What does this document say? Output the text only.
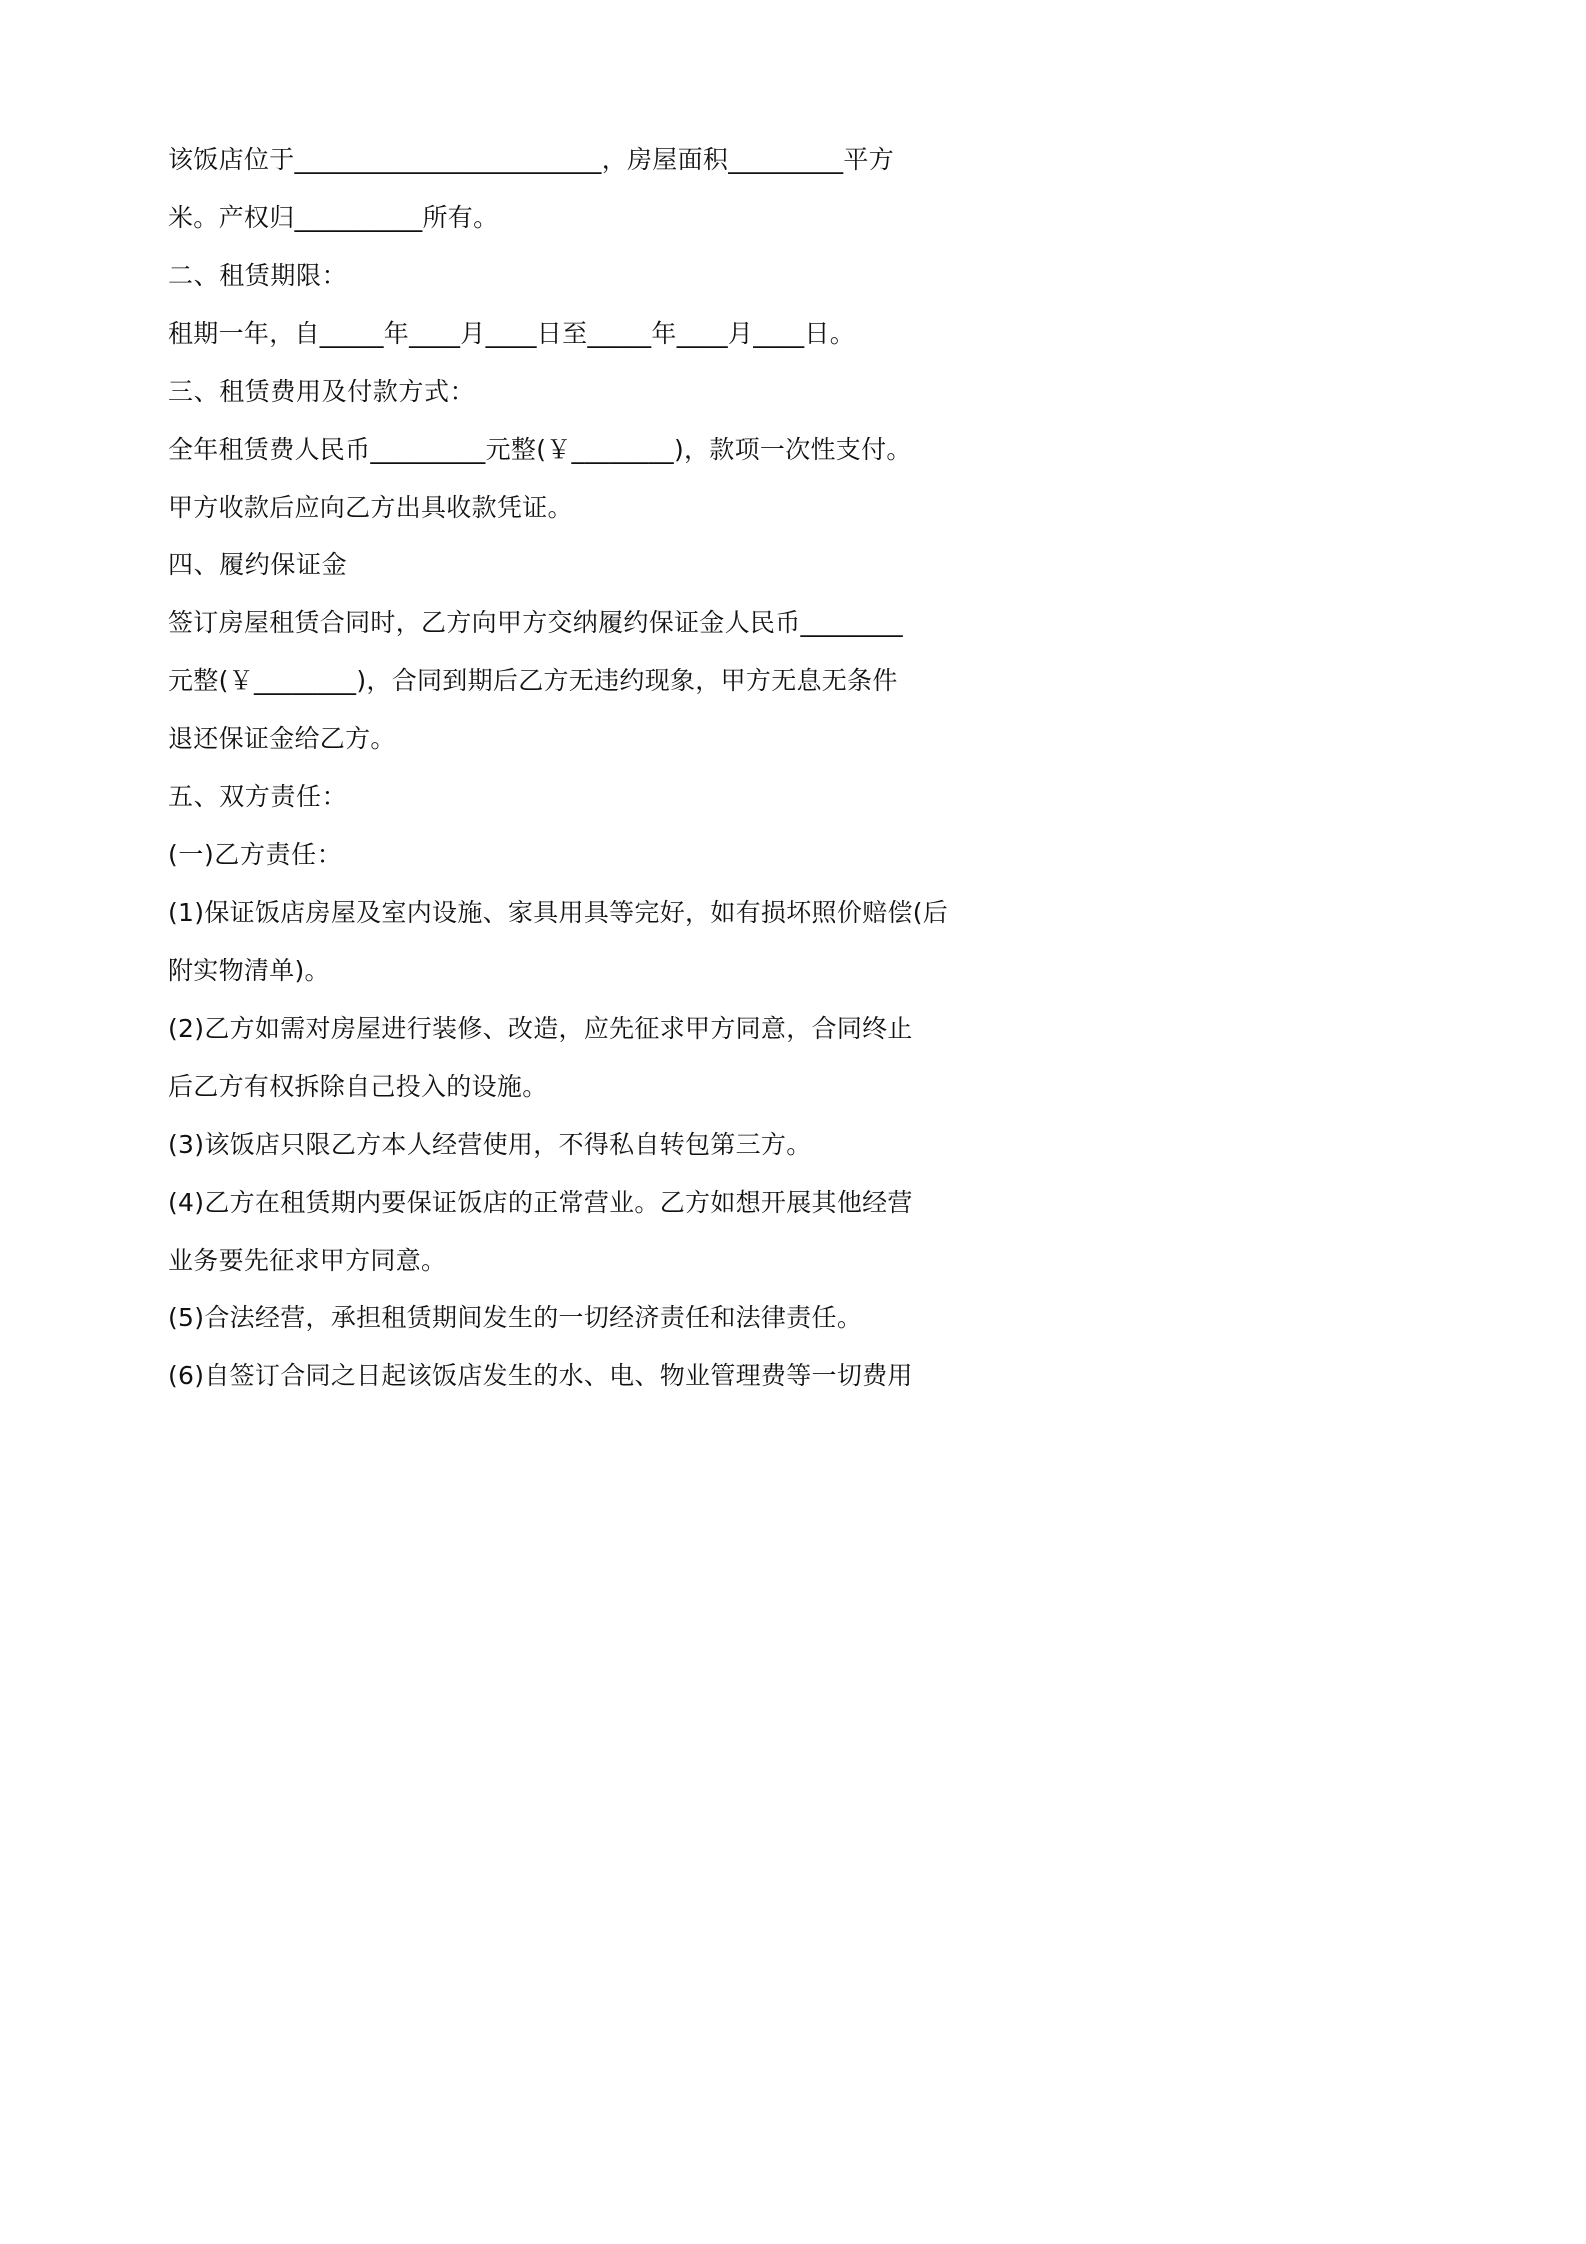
该饭店位于________________________，房屋面积_________平方
米。产权归__________所有。
二、租赁期限：
租期一年，自_____年____月____日至_____年____月____日。
三、租赁费用及付款方式：
全年租赁费人民币_________元整(￥________)，款项一次性支付。
甲方收款后应向乙方出具收款凭证。
四、履约保证金
签订房屋租赁合同时，乙方向甲方交纳履约保证金人民币________
元整(￥________)，合同到期后乙方无违约现象，甲方无息无条件
退还保证金给乙方。
五、双方责任：
(一)乙方责任：
(1)保证饭店房屋及室内设施、家具用具等完好，如有损坏照价赔偿(后
附实物清单)。
(2)乙方如需对房屋进行装修、改造，应先征求甲方同意，合同终止
后乙方有权拆除自己投入的设施。
(3)该饭店只限乙方本人经营使用，不得私自转包第三方。
(4)乙方在租赁期内要保证饭店的正常营业。乙方如想开展其他经营
业务要先征求甲方同意。
(5)合法经营，承担租赁期间发生的一切经济责任和法律责任。
(6)自签订合同之日起该饭店发生的水、电、物业管理费等一切费用
